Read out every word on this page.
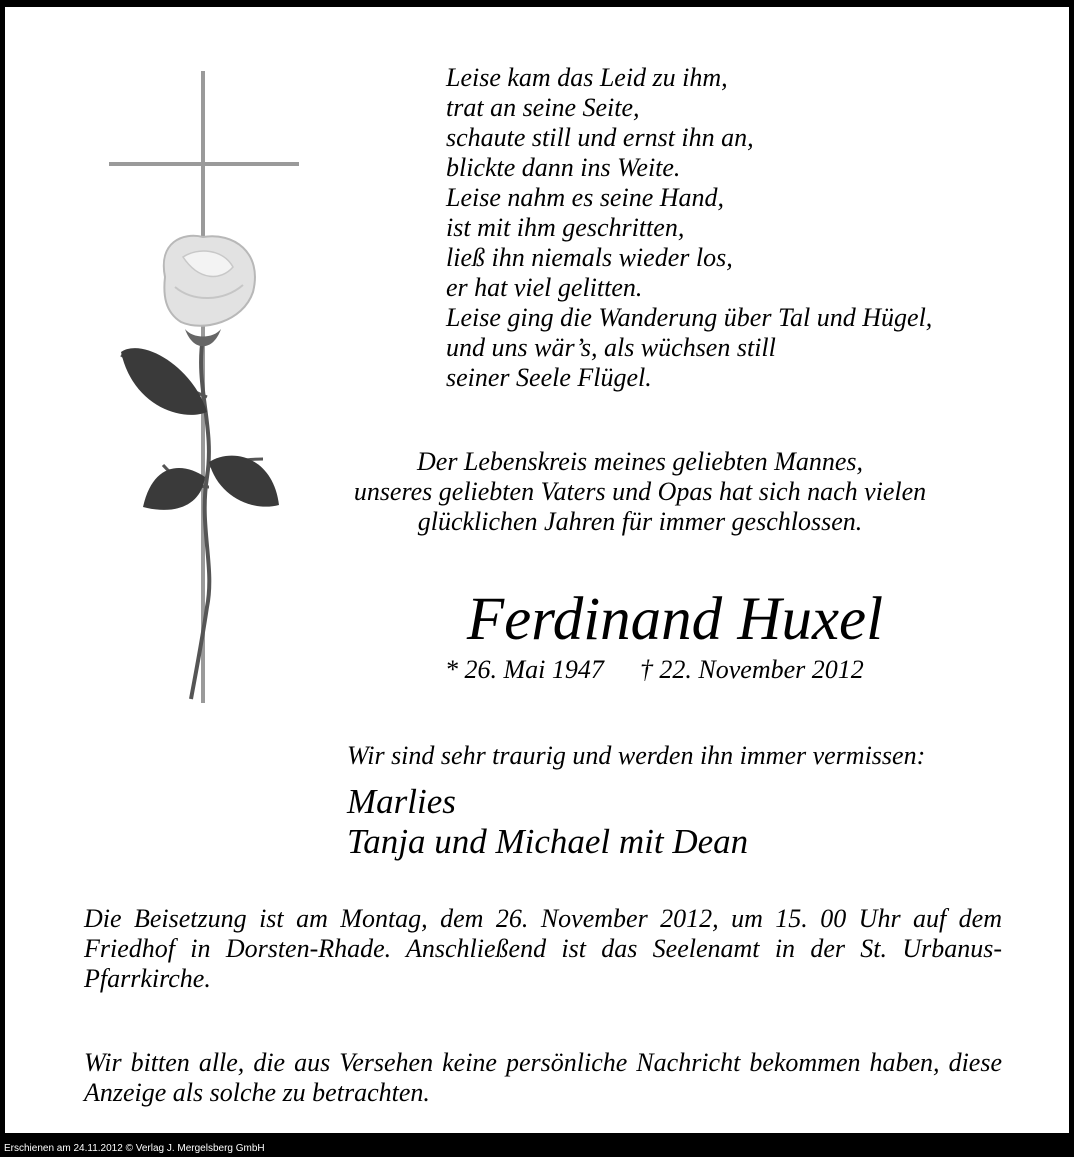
Leise kam das Leid zu ihm,
trat an seine Seite,
schaute still und ernst ihn an,
blickte dann ins Weite.
Leise nahm es seine Hand,
ist mit ihm geschritten,
ließ ihn niemals wieder los,
er hat viel gelitten.
Leise ging die Wanderung über Tal und Hügel,
und uns wär’s, als wüchsen still
seiner Seele Flügel.
Der Lebenskreis meines geliebten Mannes,
unseres geliebten Vaters und Opas hat sich nach vielen
glücklichen Jahren für immer geschlossen.
Ferdinand Huxel
* 26. Mai 1947 † 22. November 2012
Wir sind sehr traurig und werden ihn immer vermissen:
Marlies
Tanja und Michael mit Dean
Die Beisetzung ist am Montag, dem 26. November 2012, um 15. 00 Uhr auf dem Friedhof in Dorsten-Rhade. Anschließend ist das Seelenamt in der St. Urbanus-Pfarrkirche.
Wir bitten alle, die aus Versehen keine persönliche Nachricht bekommen haben, diese Anzeige als solche zu betrachten.
Erschienen am 24.11.2012 © Verlag J. Mergelsberg GmbH
